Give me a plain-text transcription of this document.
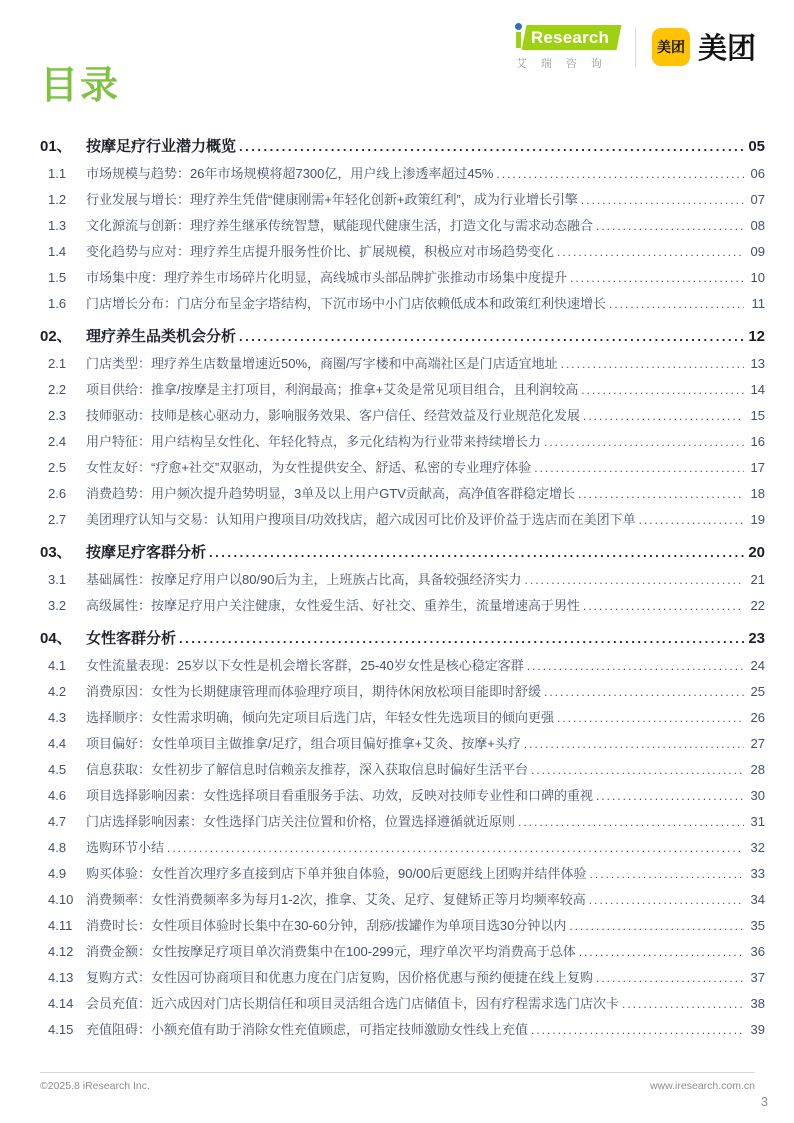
Research
艾瑞咨询
美团 美团
目录
01、 按摩足疗行业潜力概览 .....	05
1.1	市场规模与趋势：26年市场规模将超7300亿，用户线上渗透率超过45% .....	06
1.2	行业发展与增长：理疗养生凭借“健康刚需+年轻化创新+政策红利”，成为行业增长引擎 .....	07
1.3	文化源流与创新：理疗养生继承传统智慧，赋能现代健康生活，打造文化与需求动态融合 .....	08
1.4	变化趋势与应对：理疗养生店提升服务性价比、扩展规模，积极应对市场趋势变化 .....	09
1.5	市场集中度：理疗养生市场碎片化明显，高线城市头部品牌扩张推动市场集中度提升 .....	10
1.6	门店增长分布：门店分布呈金字塔结构，下沉市场中小门店依赖低成本和政策红利快速增长 .....	11
02、 理疗养生品类机会分析 .....	12
2.1	门店类型：理疗养生店数量增速近50%，商圈/写字楼和中高端社区是门店适宜地址 .....	13
2.2	项目供给：推拿/按摩是主打项目，利润最高；推拿+艾灸是常见项目组合，且利润较高 .....	14
2.3	技师驱动：技师是核心驱动力，影响服务效果、客户信任、经营效益及行业规范化发展 .....	15
2.4	用户特征：用户结构呈女性化、年轻化特点，多元化结构为行业带来持续增长力 .....	16
2.5	女性友好：“疗愈+社交”双驱动，为女性提供安全、舒适、私密的专业理疗体验 .....	17
2.6	消费趋势：用户频次提升趋势明显，3单及以上用户GTV贡献高，高净值客群稳定增长 .....	18
2.7	美团理疗认知与交易：认知用户搜项目/功效找店，超六成因可比价及评价益于选店而在美团下单 .....	19
03、 按摩足疗客群分析 .....	20
3.1	基础属性：按摩足疗用户以80/90后为主，上班族占比高，具备较强经济实力 .....	21
3.2	高级属性：按摩足疗用户关注健康，女性爱生活、好社交、重养生，流量增速高于男性 .....	22
04、 女性客群分析 .....	23
4.1	女性流量表现：25岁以下女性是机会增长客群，25-40岁女性是核心稳定客群 .....	24
4.2	消费原因：女性为长期健康管理而体验理疗项目，期待休闲放松项目能即时舒缓 .....	25
4.3	选择顺序：女性需求明确，倾向先定项目后选门店，年轻女性先选项目的倾向更强 .....	26
4.4	项目偏好：女性单项目主做推拿/足疗，组合项目偏好推拿+艾灸、按摩+头疗 .....	27
4.5	信息获取：女性初步了解信息时信赖亲友推荐，深入获取信息时偏好生活平台 .....	28
4.6	项目选择影响因素：女性选择项目看重服务手法、功效，反映对技师专业性和口碑的重视 .....	30
4.7	门店选择影响因素：女性选择门店关注位置和价格，位置选择遵循就近原则 .....	31
4.8	选购环节小结 .....	32
4.9	购买体验：女性首次理疗多直接到店下单并独自体验，90/00后更愿线上团购并结伴体验 .....	33
4.10 消费频率：女性消费频率多为每月1-2次，推拿、艾灸、足疗、复健矫正等月均频率较高 .....	34
4.11	消费时长：女性项目体验时长集中在30-60分钟，刮痧/拔罐作为单项目选30分钟以内 .....	35
4.12 消费金额：女性按摩足疗项目单次消费集中在100-299元，理疗单次平均消费高于总体 .....	36
4.13 复购方式：女性因可协商项目和优惠力度在门店复购，因价格优惠与预约便捷在线上复购 .....	37
4.14 会员充值：近六成因对门店长期信任和项目灵活组合选门店储值卡，因有疗程需求选门店次卡 .....	38
4.15 充值阻碍：小额充值有助于消除女性充值顾虑，可指定技师激励女性线上充值 .....	39
©2025.8 iResearch Inc.	www.iresearch.com.cn
3
